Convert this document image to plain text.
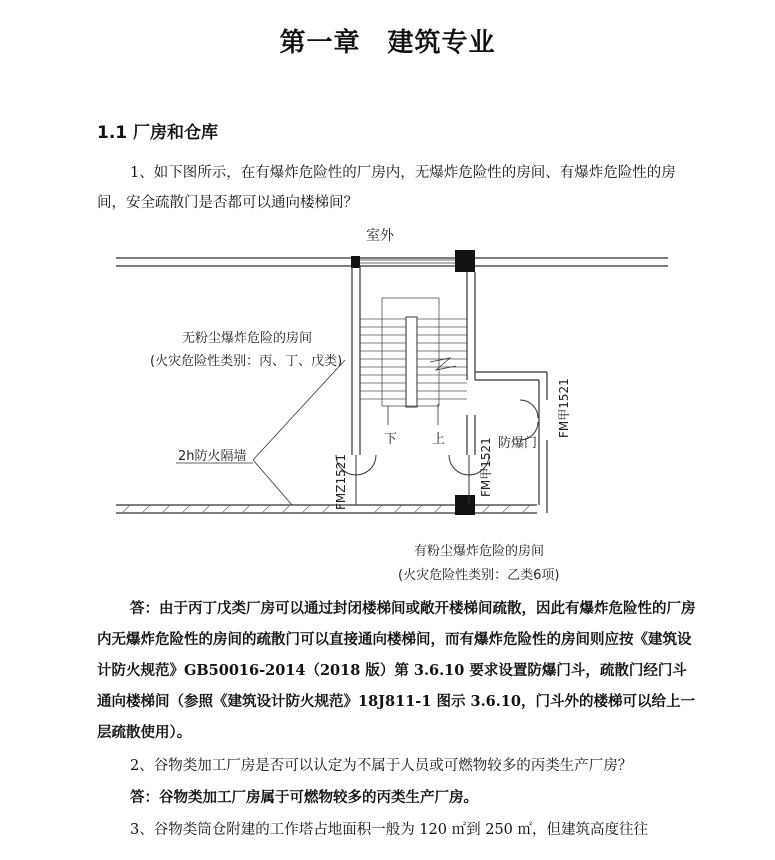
第一章　建筑专业
1.1 厂房和仓库
1、如下图所示，在有爆炸危险性的厂房内，无爆炸危险性的房间、有爆炸危险性的房间，安全疏散门是否都可以通向楼梯间？
室外
无粉尘爆炸危险的房间
(火灾危险性类别：丙、丁、戊类)
2h防火隔墙
下	上	防爆门
FMZ1521	FM甲1521
FM甲1521
有粉尘爆炸危险的房间
(火灾危险性类别：乙类6项)
答：由于丙丁戊类厂房可以通过封闭楼梯间或敞开楼梯间疏散，因此有爆炸危险性的厂房内无爆炸危险性的房间的疏散门可以直接通向楼梯间，而有爆炸危险性的房间则应按《建筑设计防火规范》GB50016-2014（2018 版）第 3.6.10 要求设置防爆门斗，疏散门经门斗通向楼梯间（参照《建筑设计防火规范》18J811-1 图示 3.6.10，门斗外的楼梯可以给上一层疏散使用）。
2、谷物类加工厂房是否可以认定为不属于人员或可燃物较多的丙类生产厂房？
答：谷物类加工厂房属于可燃物较多的丙类生产厂房。
3、谷物类筒仓附建的工作塔占地面积一般为 120 ㎡到 250 ㎡，但建筑高度往往
